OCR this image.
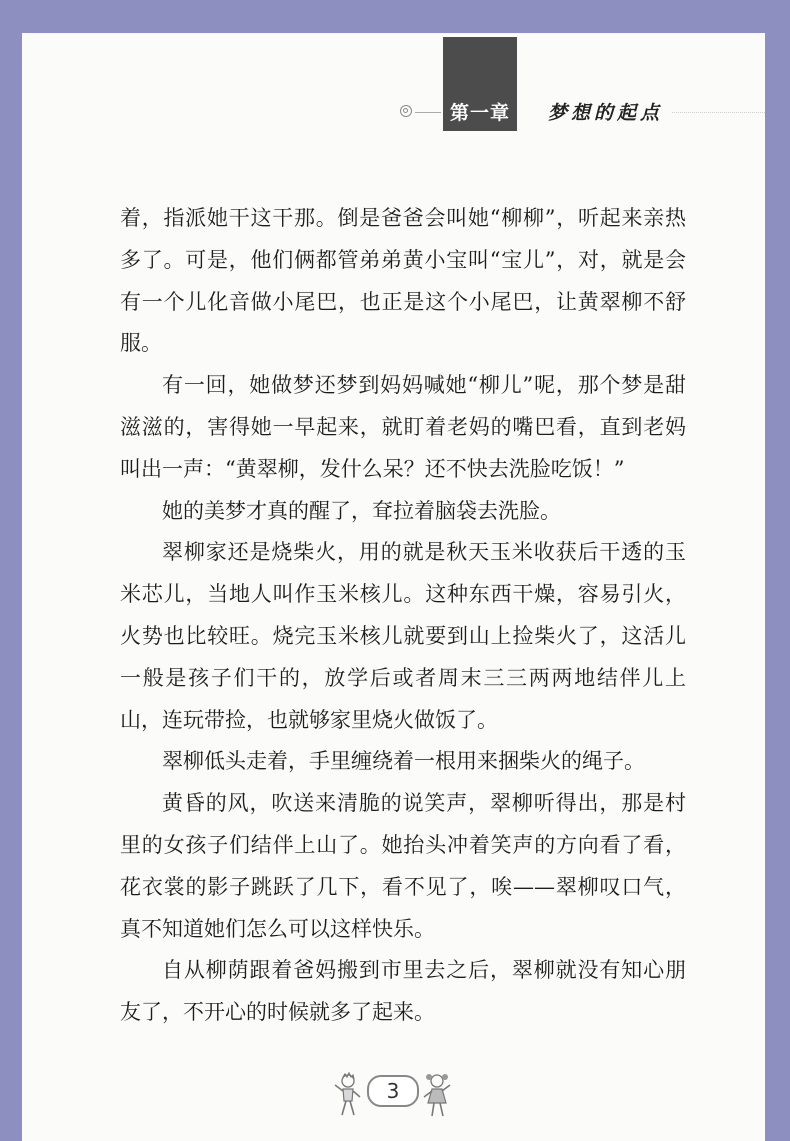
第一章	梦想的起点

着，指派她干这干那。倒是爸爸会叫她“柳柳”，听起来亲热多了。可是，他们俩都管弟弟黄小宝叫“宝儿”，对，就是会有一个儿化音做小尾巴，也正是这个小尾巴，让黄翠柳不舒服。

有一回，她做梦还梦到妈妈喊她“柳儿”呢，那个梦是甜滋滋的，害得她一早起来，就盯着老妈的嘴巴看，直到老妈叫出一声：“黄翠柳，发什么呆？还不快去洗脸吃饭！”

她的美梦才真的醒了，耷拉着脑袋去洗脸。

翠柳家还是烧柴火，用的就是秋天玉米收获后干透的玉米芯儿，当地人叫作玉米核儿。这种东西干燥，容易引火，火势也比较旺。烧完玉米核儿就要到山上捡柴火了，这活儿一般是孩子们干的，放学后或者周末三三两两地结伴儿上山，连玩带捡，也就够家里烧火做饭了。

翠柳低头走着，手里缠绕着一根用来捆柴火的绳子。

黄昏的风，吹送来清脆的说笑声，翠柳听得出，那是村里的女孩子们结伴上山了。她抬头冲着笑声的方向看了看，花衣裳的影子跳跃了几下，看不见了，唉——翠柳叹口气，真不知道她们怎么可以这样快乐。

自从柳荫跟着爸妈搬到市里去之后，翠柳就没有知心朋友了，不开心的时候就多了起来。

3
